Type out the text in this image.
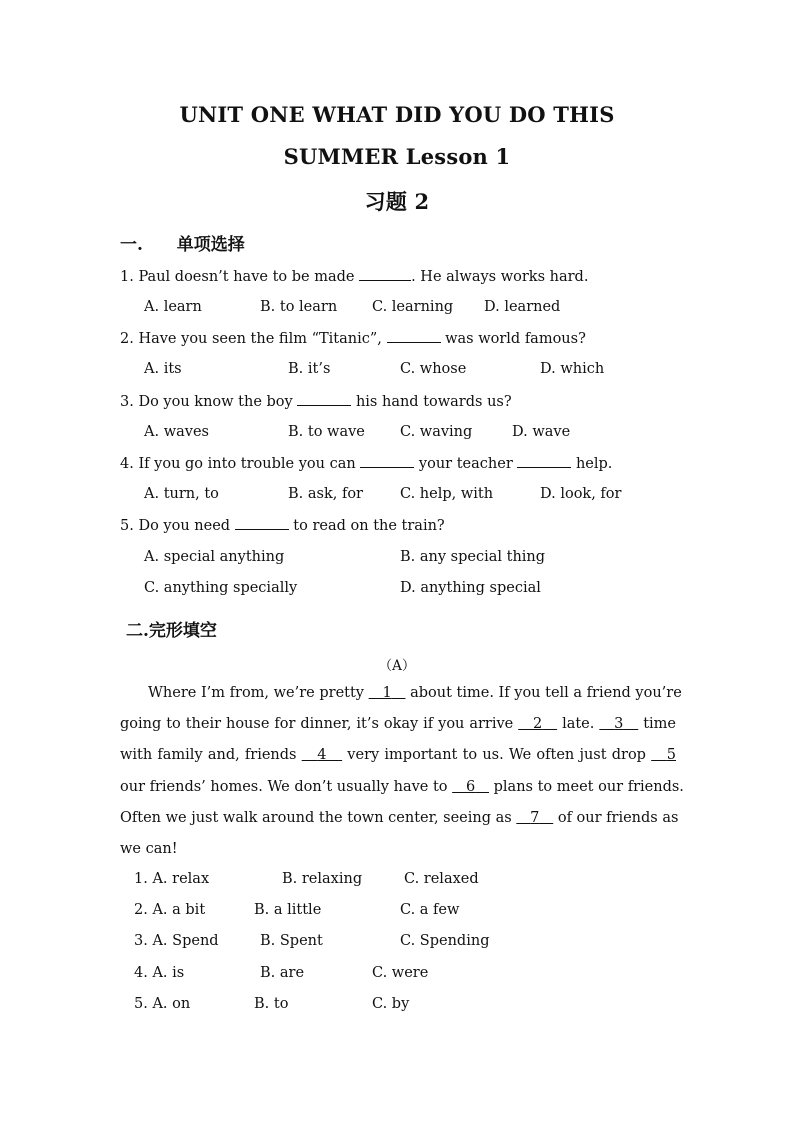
UNIT ONE WHAT DID YOU DO THIS
SUMMER Lesson 1
习题 2
一. 单项选择
1. Paul doesn’t have to be made	. He always works hard.
A. learn	B. to learn C. learning D. learned
2. Have you seen the film “Titanic”,	was world famous?
A. its	B. it’s	C. whose	D. which
3. Do you know the boy	his hand towards us?
A. waves	B. to wave C. waving	D. wave
4. If you go into trouble you can	your teacher	help.
A. turn, to	B. ask, for	C. help, with	D. look, for
5. Do you need	to read on the train?
A. special anything	B. any special thing
C. anything specially	D. anything special
二.完形填空
（A）
Where I’m from, we’re pretty    1    about time. If you tell a friend you’re
going to their house for dinner, it’s okay if you arrive    2    late.    3    time
with family and, friends    4    very important to us. We often just drop    5
our friends’ homes. We don’t usually have to    6    plans to meet our friends.
Often we just walk around the town center, seeing as    7    of our friends as
we can!
1. A. relax	B. relaxing	C. relaxed
2. A. a bit	B. a little	C. a few
3. A. Spend	B. Spent	C. Spending
4. A. is	B. are	C. were
5. A. on	B. to	C. by
